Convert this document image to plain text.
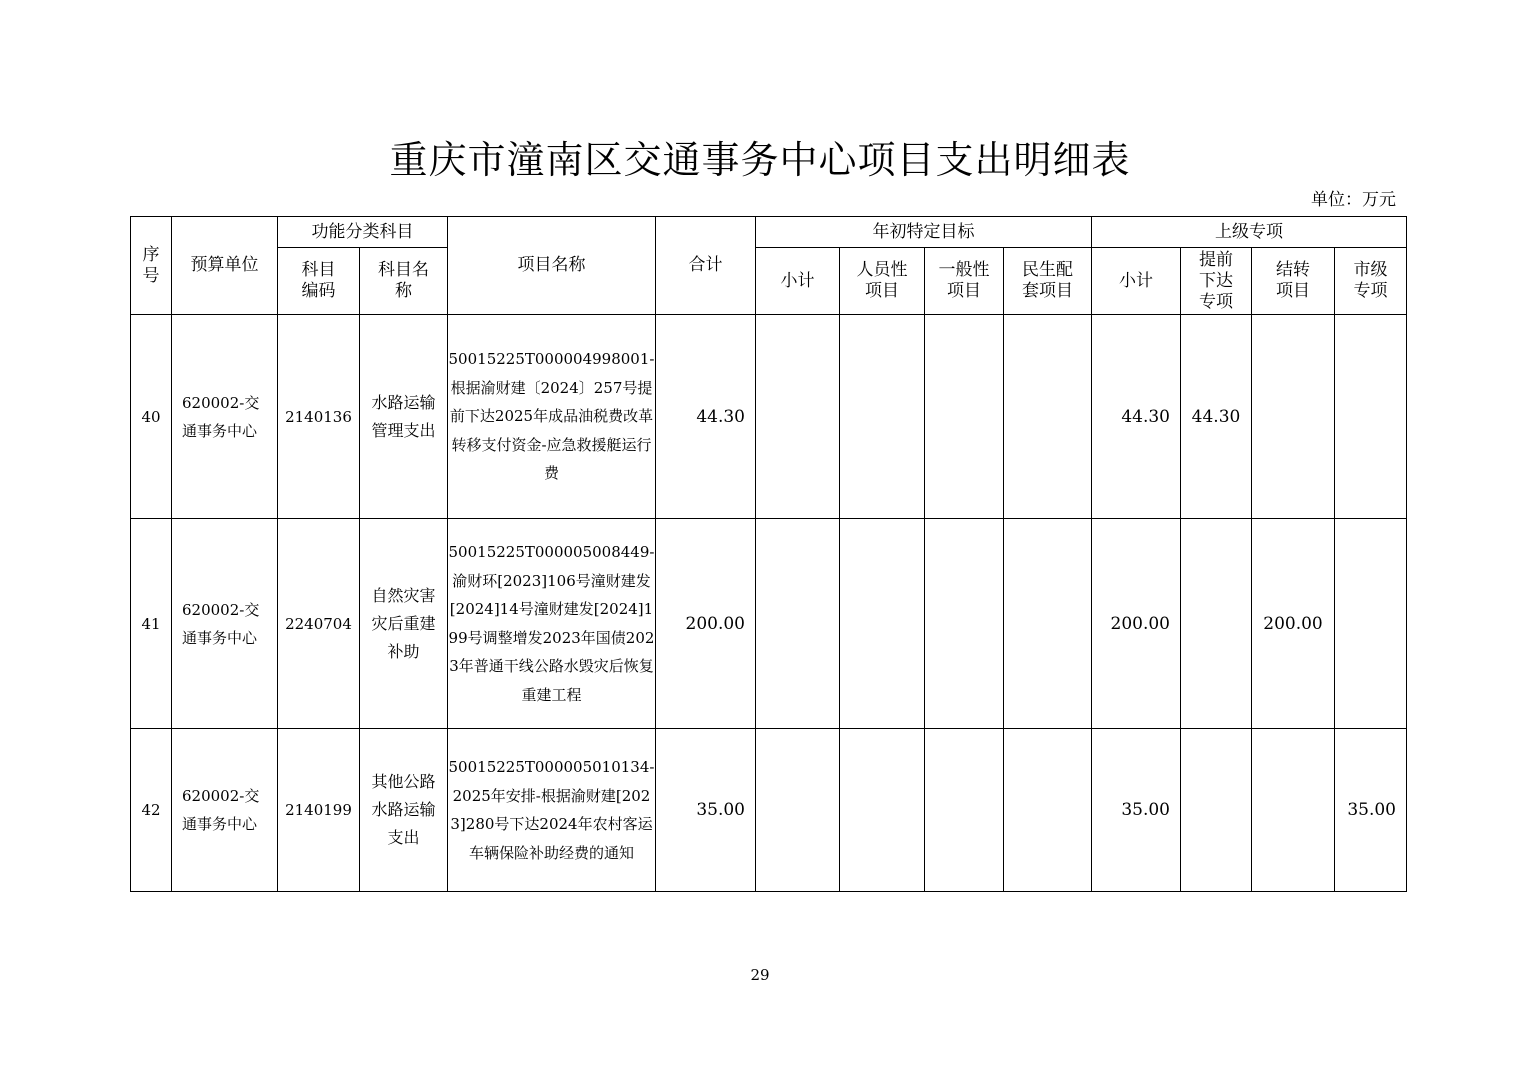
重庆市潼南区交通事务中心项目支出明细表
单位：万元
序号	预算单位	功能分类科目		项目名称	合计	年初特定目标				上级专项			
		科目编码	科目名称			小计	人员性项目	一般性项目	民生配套项目	小计	提前下达专项	结转项目	市级专项
40	620002-交通事务中心	2140136	水路运输管理支出	50015225T000004998001-根据渝财建〔2024〕257号提前下达2025年成品油税费改革转移支付资金-应急救援艇运行费	44.30					44.30	44.30		
41	620002-交通事务中心	2240704	自然灾害灾后重建补助	50015225T000005008449-渝财环[2023]106号潼财建发[2024]14号潼财建发[2024]199号调整增发2023年国债2023年普通干线公路水毁灾后恢复重建工程	200.00					200.00		200.00	
42	620002-交通事务中心	2140199	其他公路水路运输支出	50015225T000005010134-2025年安排-根据渝财建[2023]280号下达2024年农村客运车辆保险补助经费的通知	35.00					35.00			35.00
29
